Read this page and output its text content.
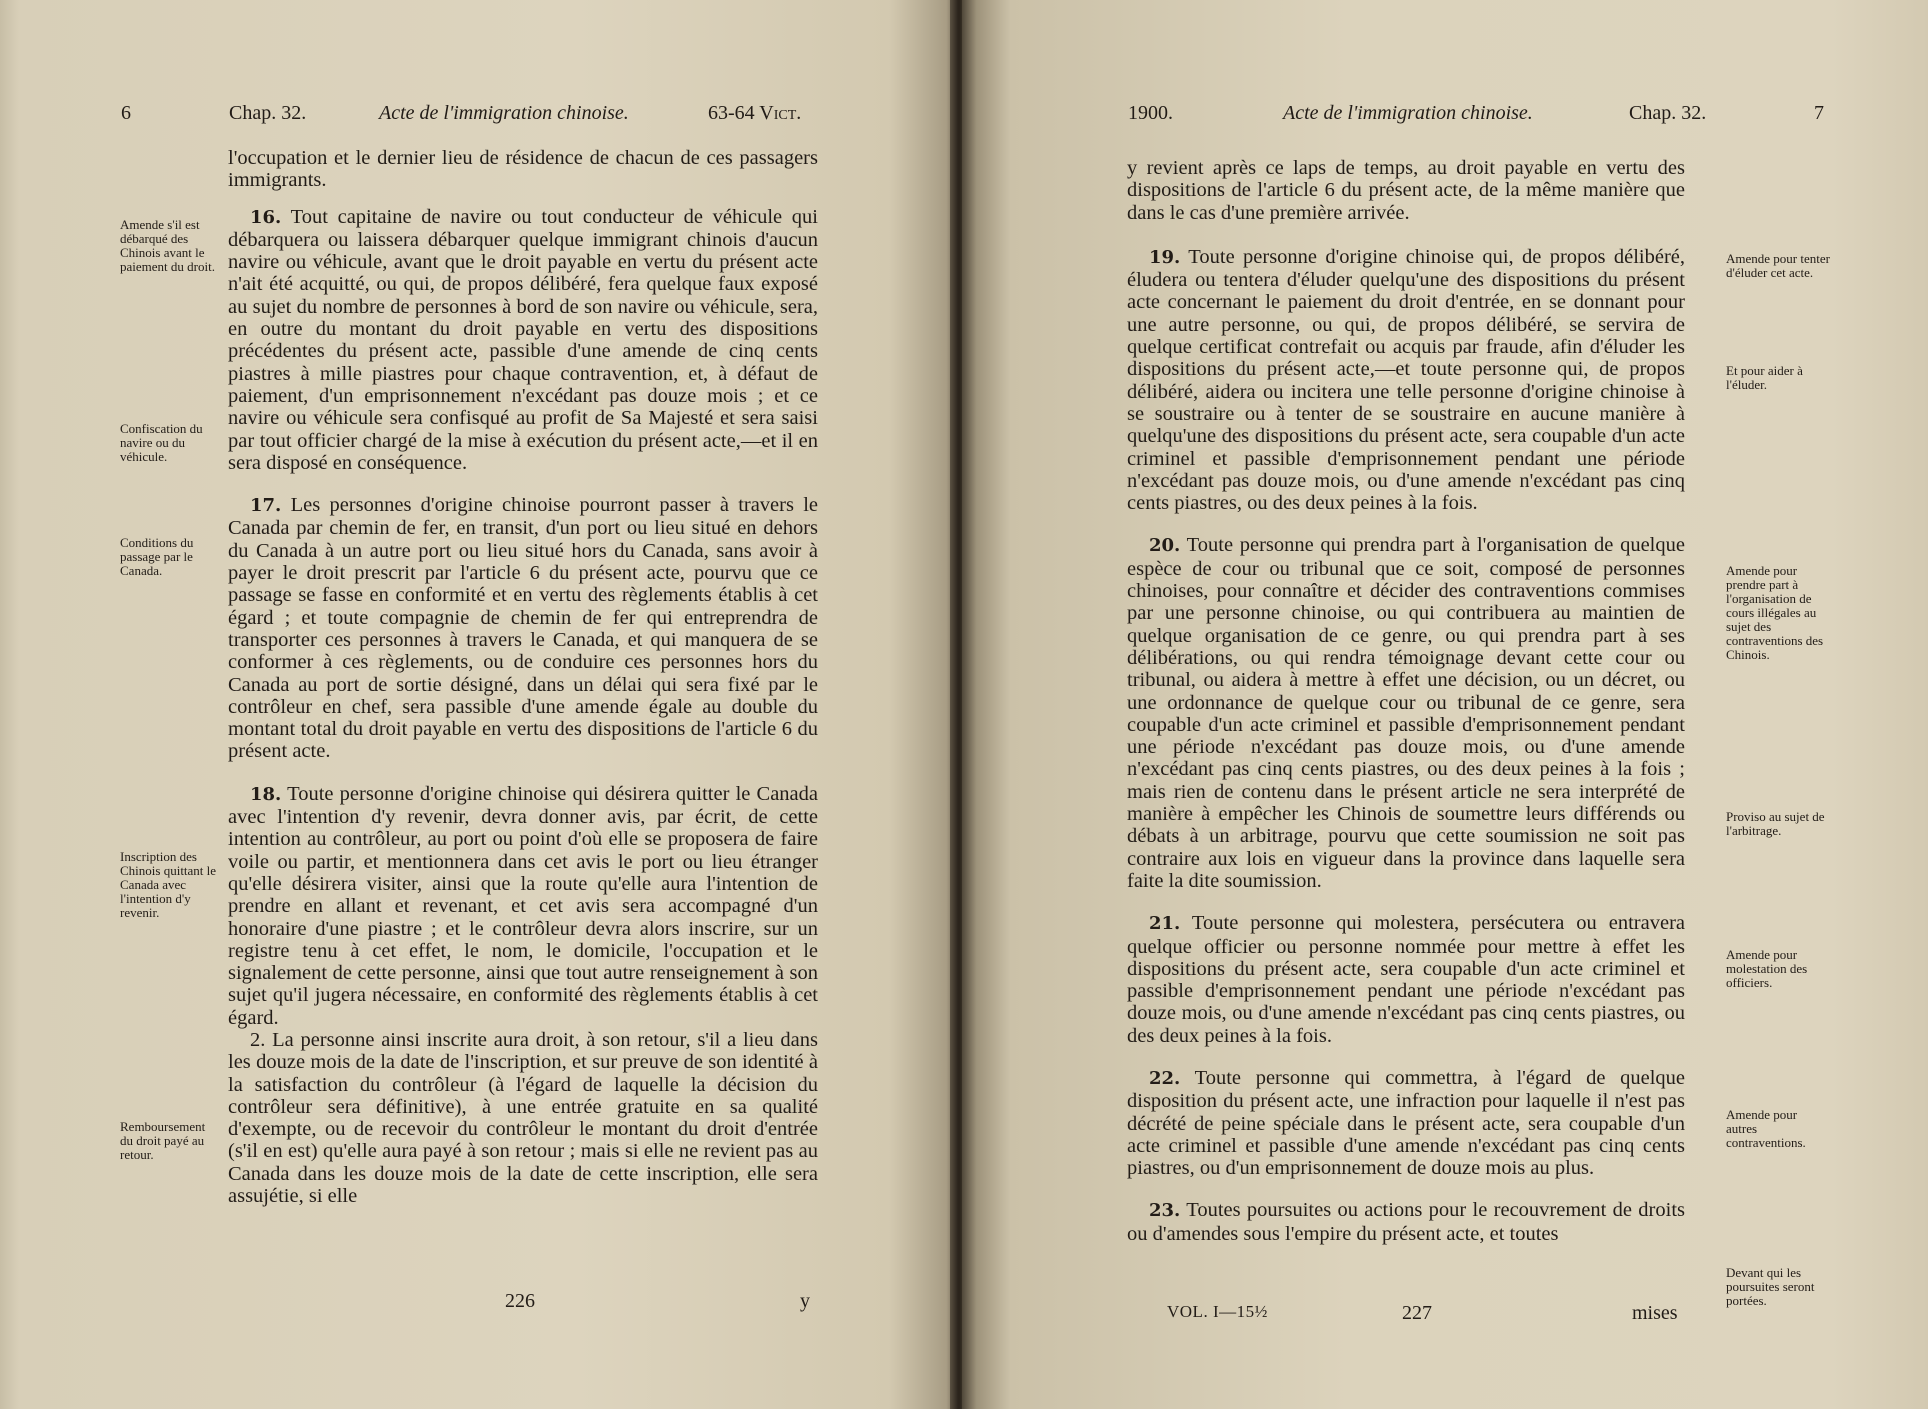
6	Chap. 32.	Acte de l'immigration chinoise.	63-64 Vict.

l'occupation et le dernier lieu de résidence de chacun de ces passagers immigrants.

16. Tout capitaine de navire ou tout conducteur de véhicule qui débarquera ou laissera débarquer quelque immigrant chinois d'aucun navire ou véhicule, avant que le droit payable en vertu du présent acte n'ait été acquitté, ou qui, de propos délibéré, fera quelque faux exposé au sujet du nombre de personnes à bord de son navire ou véhicule, sera, en outre du montant du droit payable en vertu des dispositions précédentes du présent acte, passible d'une amende de cinq cents piastres à mille piastres pour chaque contravention, et, à défaut de paiement, d'un emprisonnement n'excédant pas douze mois ; et ce navire ou véhicule sera confisqué au profit de Sa Majesté et sera saisi par tout officier chargé de la mise à exécution du présent acte,—et il en sera disposé en conséquence.

17. Les personnes d'origine chinoise pourront passer à travers le Canada par chemin de fer, en transit, d'un port ou lieu situé en dehors du Canada à un autre port ou lieu situé hors du Canada, sans avoir à payer le droit prescrit par l'article 6 du présent acte, pourvu que ce passage se fasse en conformité et en vertu des règlements établis à cet égard ; et toute compagnie de chemin de fer qui entreprendra de transporter ces personnes à travers le Canada, et qui manquera de se conformer à ces règlements, ou de conduire ces personnes hors du Canada au port de sortie désigné, dans un délai qui sera fixé par le contrôleur en chef, sera passible d'une amende égale au double du montant total du droit payable en vertu des dispositions de l'article 6 du présent acte.

18. Toute personne d'origine chinoise qui désirera quitter le Canada avec l'intention d'y revenir, devra donner avis, par écrit, de cette intention au contrôleur, au port ou point d'où elle se proposera de faire voile ou partir, et mentionnera dans cet avis le port ou lieu étranger qu'elle désirera visiter, ainsi que la route qu'elle aura l'intention de prendre en allant et revenant, et cet avis sera accompagné d'un honoraire d'une piastre ; et le contrôleur devra alors inscrire, sur un registre tenu à cet effet, le nom, le domicile, l'occupation et le signalement de cette personne, ainsi que tout autre renseignement à son sujet qu'il jugera nécessaire, en conformité des règlements établis à cet égard.

2. La personne ainsi inscrite aura droit, à son retour, s'il a lieu dans les douze mois de la date de l'inscription, et sur preuve de son identité à la satisfaction du contrôleur (à l'égard de laquelle la décision du contrôleur sera définitive), à une entrée gratuite en sa qualité d'exempte, ou de recevoir du contrôleur le montant du droit d'entrée (s'il en est) qu'elle aura payé à son retour ; mais si elle ne revient pas au Canada dans les douze mois de la date de cette inscription, elle sera assujétie, si elle

Amende s'il est débarqué des Chinois avant le paiement du droit.
Confiscation du navire ou du véhicule.
Conditions du passage par le Canada.
Inscription des Chinois quittant le Canada avec l'intention d'y revenir.
Remboursement du droit payé au retour.
226	y
1900.	Acte de l'immigration chinoise.	Chap. 32.	7

y revient après ce laps de temps, au droit payable en vertu des dispositions de l'article 6 du présent acte, de la même manière que dans le cas d'une première arrivée.

19. Toute personne d'origine chinoise qui, de propos délibéré, éludera ou tentera d'éluder quelqu'une des dispositions du présent acte concernant le paiement du droit d'entrée, en se donnant pour une autre personne, ou qui, de propos délibéré, se servira de quelque certificat contrefait ou acquis par fraude, afin d'éluder les dispositions du présent acte,—et toute personne qui, de propos délibéré, aidera ou incitera une telle personne d'origine chinoise à se soustraire ou à tenter de se soustraire en aucune manière à quelqu'une des dispositions du présent acte, sera coupable d'un acte criminel et passible d'emprisonnement pendant une période n'excédant pas douze mois, ou d'une amende n'excédant pas cinq cents piastres, ou des deux peines à la fois.

20. Toute personne qui prendra part à l'organisation de quelque espèce de cour ou tribunal que ce soit, composé de personnes chinoises, pour connaître et décider des contraventions commises par une personne chinoise, ou qui contribuera au maintien de quelque organisation de ce genre, ou qui prendra part à ses délibérations, ou qui rendra témoignage devant cette cour ou tribunal, ou aidera à mettre à effet une décision, ou un décret, ou une ordonnance de quelque cour ou tribunal de ce genre, sera coupable d'un acte criminel et passible d'emprisonnement pendant une période n'excédant pas douze mois, ou d'une amende n'excédant pas cinq cents piastres, ou des deux peines à la fois ; mais rien de contenu dans le présent article ne sera interprété de manière à empêcher les Chinois de soumettre leurs différends ou débats à un arbitrage, pourvu que cette soumission ne soit pas contraire aux lois en vigueur dans la province dans laquelle sera faite la dite soumission.

21. Toute personne qui molestera, persécutera ou entravera quelque officier ou personne nommée pour mettre à effet les dispositions du présent acte, sera coupable d'un acte criminel et passible d'emprisonnement pendant une période n'excédant pas douze mois, ou d'une amende n'excédant pas cinq cents piastres, ou des deux peines à la fois.

22. Toute personne qui commettra, à l'égard de quelque disposition du présent acte, une infraction pour laquelle il n'est pas décrété de peine spéciale dans le présent acte, sera coupable d'un acte criminel et passible d'une amende n'excédant pas cinq cents piastres, ou d'un emprisonnement de douze mois au plus.

23. Toutes poursuites ou actions pour le recouvrement de droits ou d'amendes sous l'empire du présent acte, et toutes

Amende pour tenter d'éluder cet acte.
Et pour aider à l'éluder.
Amende pour prendre part à l'organisation de cours illégales au sujet des contraventions des Chinois.
Proviso au sujet de l'arbitrage.
Amende pour molestation des officiers.
Amende pour autres contraventions.
Devant qui les poursuites seront portées.
VOL. I—15½	227	mises
